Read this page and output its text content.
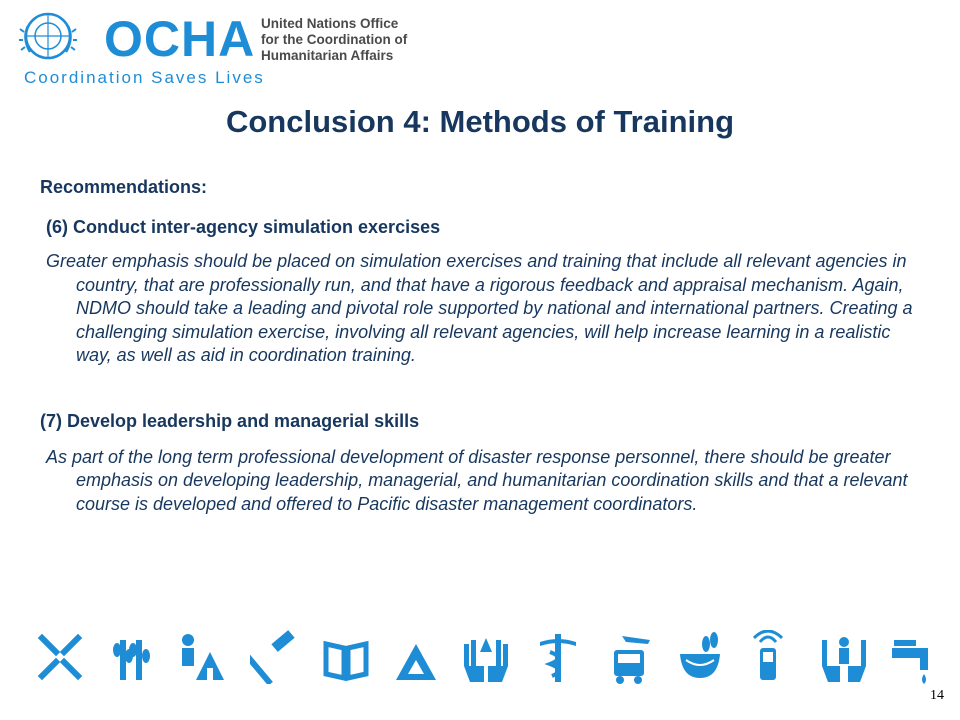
OCHA United Nations Office
for the Coordination of
Humanitarian Affairs
Coordination Saves Lives
Conclusion 4: Methods of Training
Recommendations:
(6) Conduct inter-agency simulation exercises
Greater emphasis should be placed on simulation exercises and training that include all relevant agencies in country, that are professionally run, and that have a rigorous feedback and appraisal mechanism. Again, NDMO should take a leading and pivotal role supported by national and international partners. Creating a challenging simulation exercise, involving all relevant agencies, will help increase learning in a realistic way, as well as aid in coordination training.
(7) Develop leadership and managerial skills
As part of the long term professional development of disaster response personnel, there should be greater emphasis on developing leadership, managerial, and humanitarian coordination skills and that a relevant course is developed and offered to Pacific disaster management coordinators.
14
